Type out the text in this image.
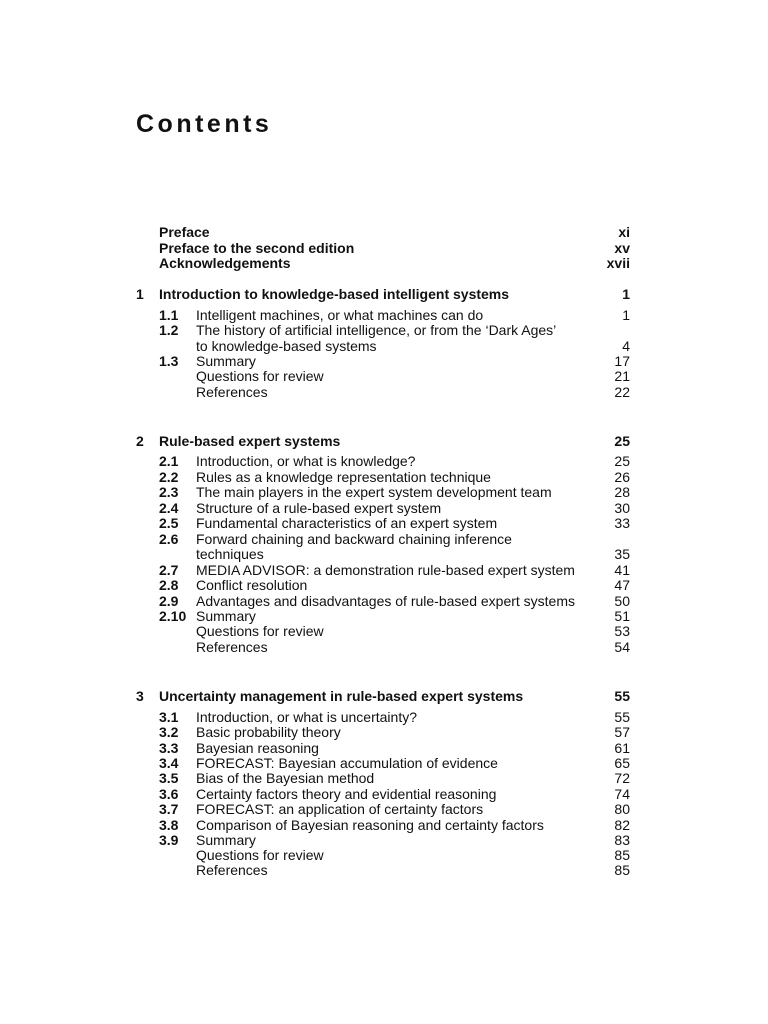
Contents
Preface	xi
Preface to the second edition	xv
Acknowledgements	xvii
1 Introduction to knowledge-based intelligent systems	1
1.1 Intelligent machines, or what machines can do	1
1.2 The history of artificial intelligence, or from the ‘Dark Ages’
to knowledge-based systems	4
1.3 Summary	17
Questions for review	21
References	22
2 Rule-based expert systems	25
2.1 Introduction, or what is knowledge?	25
2.2 Rules as a knowledge representation technique	26
2.3 The main players in the expert system development team	28
2.4 Structure of a rule-based expert system	30
2.5 Fundamental characteristics of an expert system	33
2.6 Forward chaining and backward chaining inference
techniques	35
2.7 MEDIA ADVISOR: a demonstration rule-based expert system	41
2.8 Conflict resolution	47
2.9 Advantages and disadvantages of rule-based expert systems	50
2.10 Summary	51
Questions for review	53
References	54
3 Uncertainty management in rule-based expert systems	55
3.1 Introduction, or what is uncertainty?	55
3.2 Basic probability theory	57
3.3 Bayesian reasoning	61
3.4 FORECAST: Bayesian accumulation of evidence	65
3.5 Bias of the Bayesian method	72
3.6 Certainty factors theory and evidential reasoning	74
3.7 FORECAST: an application of certainty factors	80
3.8 Comparison of Bayesian reasoning and certainty factors	82
3.9 Summary	83
Questions for review	85
References	85
